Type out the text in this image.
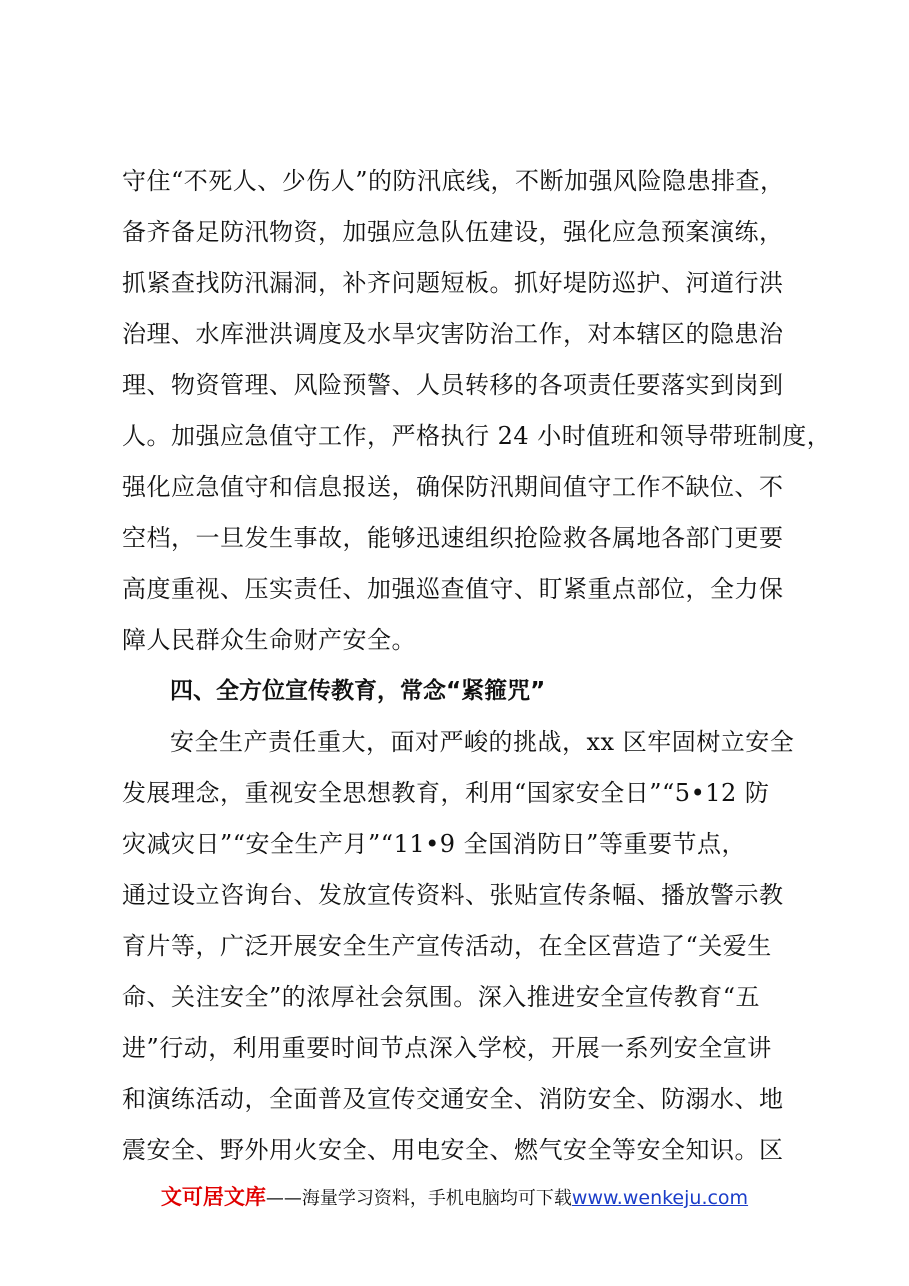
守住“不死人、少伤人”的防汛底线，不断加强风险隐患排查，
备齐备足防汛物资，加强应急队伍建设，强化应急预案演练，
抓紧查找防汛漏洞，补齐问题短板。抓好堤防巡护、河道行洪
治理、水库泄洪调度及水旱灾害防治工作，对本辖区的隐患治
理、物资管理、风险预警、人员转移的各项责任要落实到岗到
人。加强应急值守工作，严格执行 24 小时值班和领导带班制度，
强化应急值守和信息报送，确保防汛期间值守工作不缺位、不
空档，一旦发生事故，能够迅速组织抢险救各属地各部门更要
高度重视、压实责任、加强巡查值守、盯紧重点部位，全力保
障人民群众生命财产安全。
四、全方位宣传教育，常念“紧箍咒”
安全生产责任重大，面对严峻的挑战，xx 区牢固树立安全
发展理念，重视安全思想教育，利用“国家安全日”“5•12 防
灾减灾日”“安全生产月”“11•9 全国消防日”等重要节点，
通过设立咨询台、发放宣传资料、张贴宣传条幅、播放警示教
育片等，广泛开展安全生产宣传活动，在全区营造了“关爱生
命、关注安全”的浓厚社会氛围。深入推进安全宣传教育“五
进”行动，利用重要时间节点深入学校，开展一系列安全宣讲
和演练活动，全面普及宣传交通安全、消防安全、防溺水、地
震安全、野外用火安全、用电安全、燃气安全等安全知识。区
文可居文库——海量学习资料，手机电脑均可下载www.wenkeju.com
